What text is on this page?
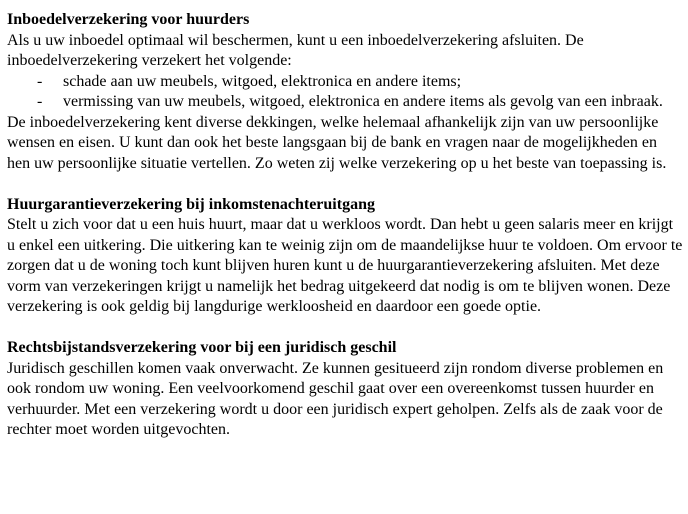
Inboedelverzekering voor huurders

Als u uw inboedel optimaal wil beschermen, kunt u een inboedelverzekering afsluiten. De inboedelverzekering verzekert het volgende:

- schade aan uw meubels, witgoed, elektronica en andere items;
- vermissing van uw meubels, witgoed, elektronica en andere items als gevolg van een inbraak.

De inboedelverzekering kent diverse dekkingen, welke helemaal afhankelijk zijn van uw persoonlijke wensen en eisen. U kunt dan ook het beste langsgaan bij de bank en vragen naar de mogelijkheden en hen uw persoonlijke situatie vertellen. Zo weten zij welke verzekering op u het beste van toepassing is.

Huurgarantieverzekering bij inkomstenachteruitgang

Stelt u zich voor dat u een huis huurt, maar dat u werkloos wordt. Dan hebt u geen salaris meer en krijgt u enkel een uitkering. Die uitkering kan te weinig zijn om de maandelijkse huur te voldoen. Om ervoor te zorgen dat u de woning toch kunt blijven huren kunt u de huurgarantieverzekering afsluiten. Met deze vorm van verzekeringen krijgt u namelijk het bedrag uitgekeerd dat nodig is om te blijven wonen. Deze verzekering is ook geldig bij langdurige werkloosheid en daardoor een goede optie.

Rechtsbijstandsverzekering voor bij een juridisch geschil

Juridisch geschillen komen vaak onverwacht. Ze kunnen gesitueerd zijn rondom diverse problemen en ook rondom uw woning. Een veelvoorkomend geschil gaat over een overeenkomst tussen huurder en verhuurder. Met een verzekering wordt u door een juridisch expert geholpen. Zelfs als de zaak voor de rechter moet worden uitgevochten.
